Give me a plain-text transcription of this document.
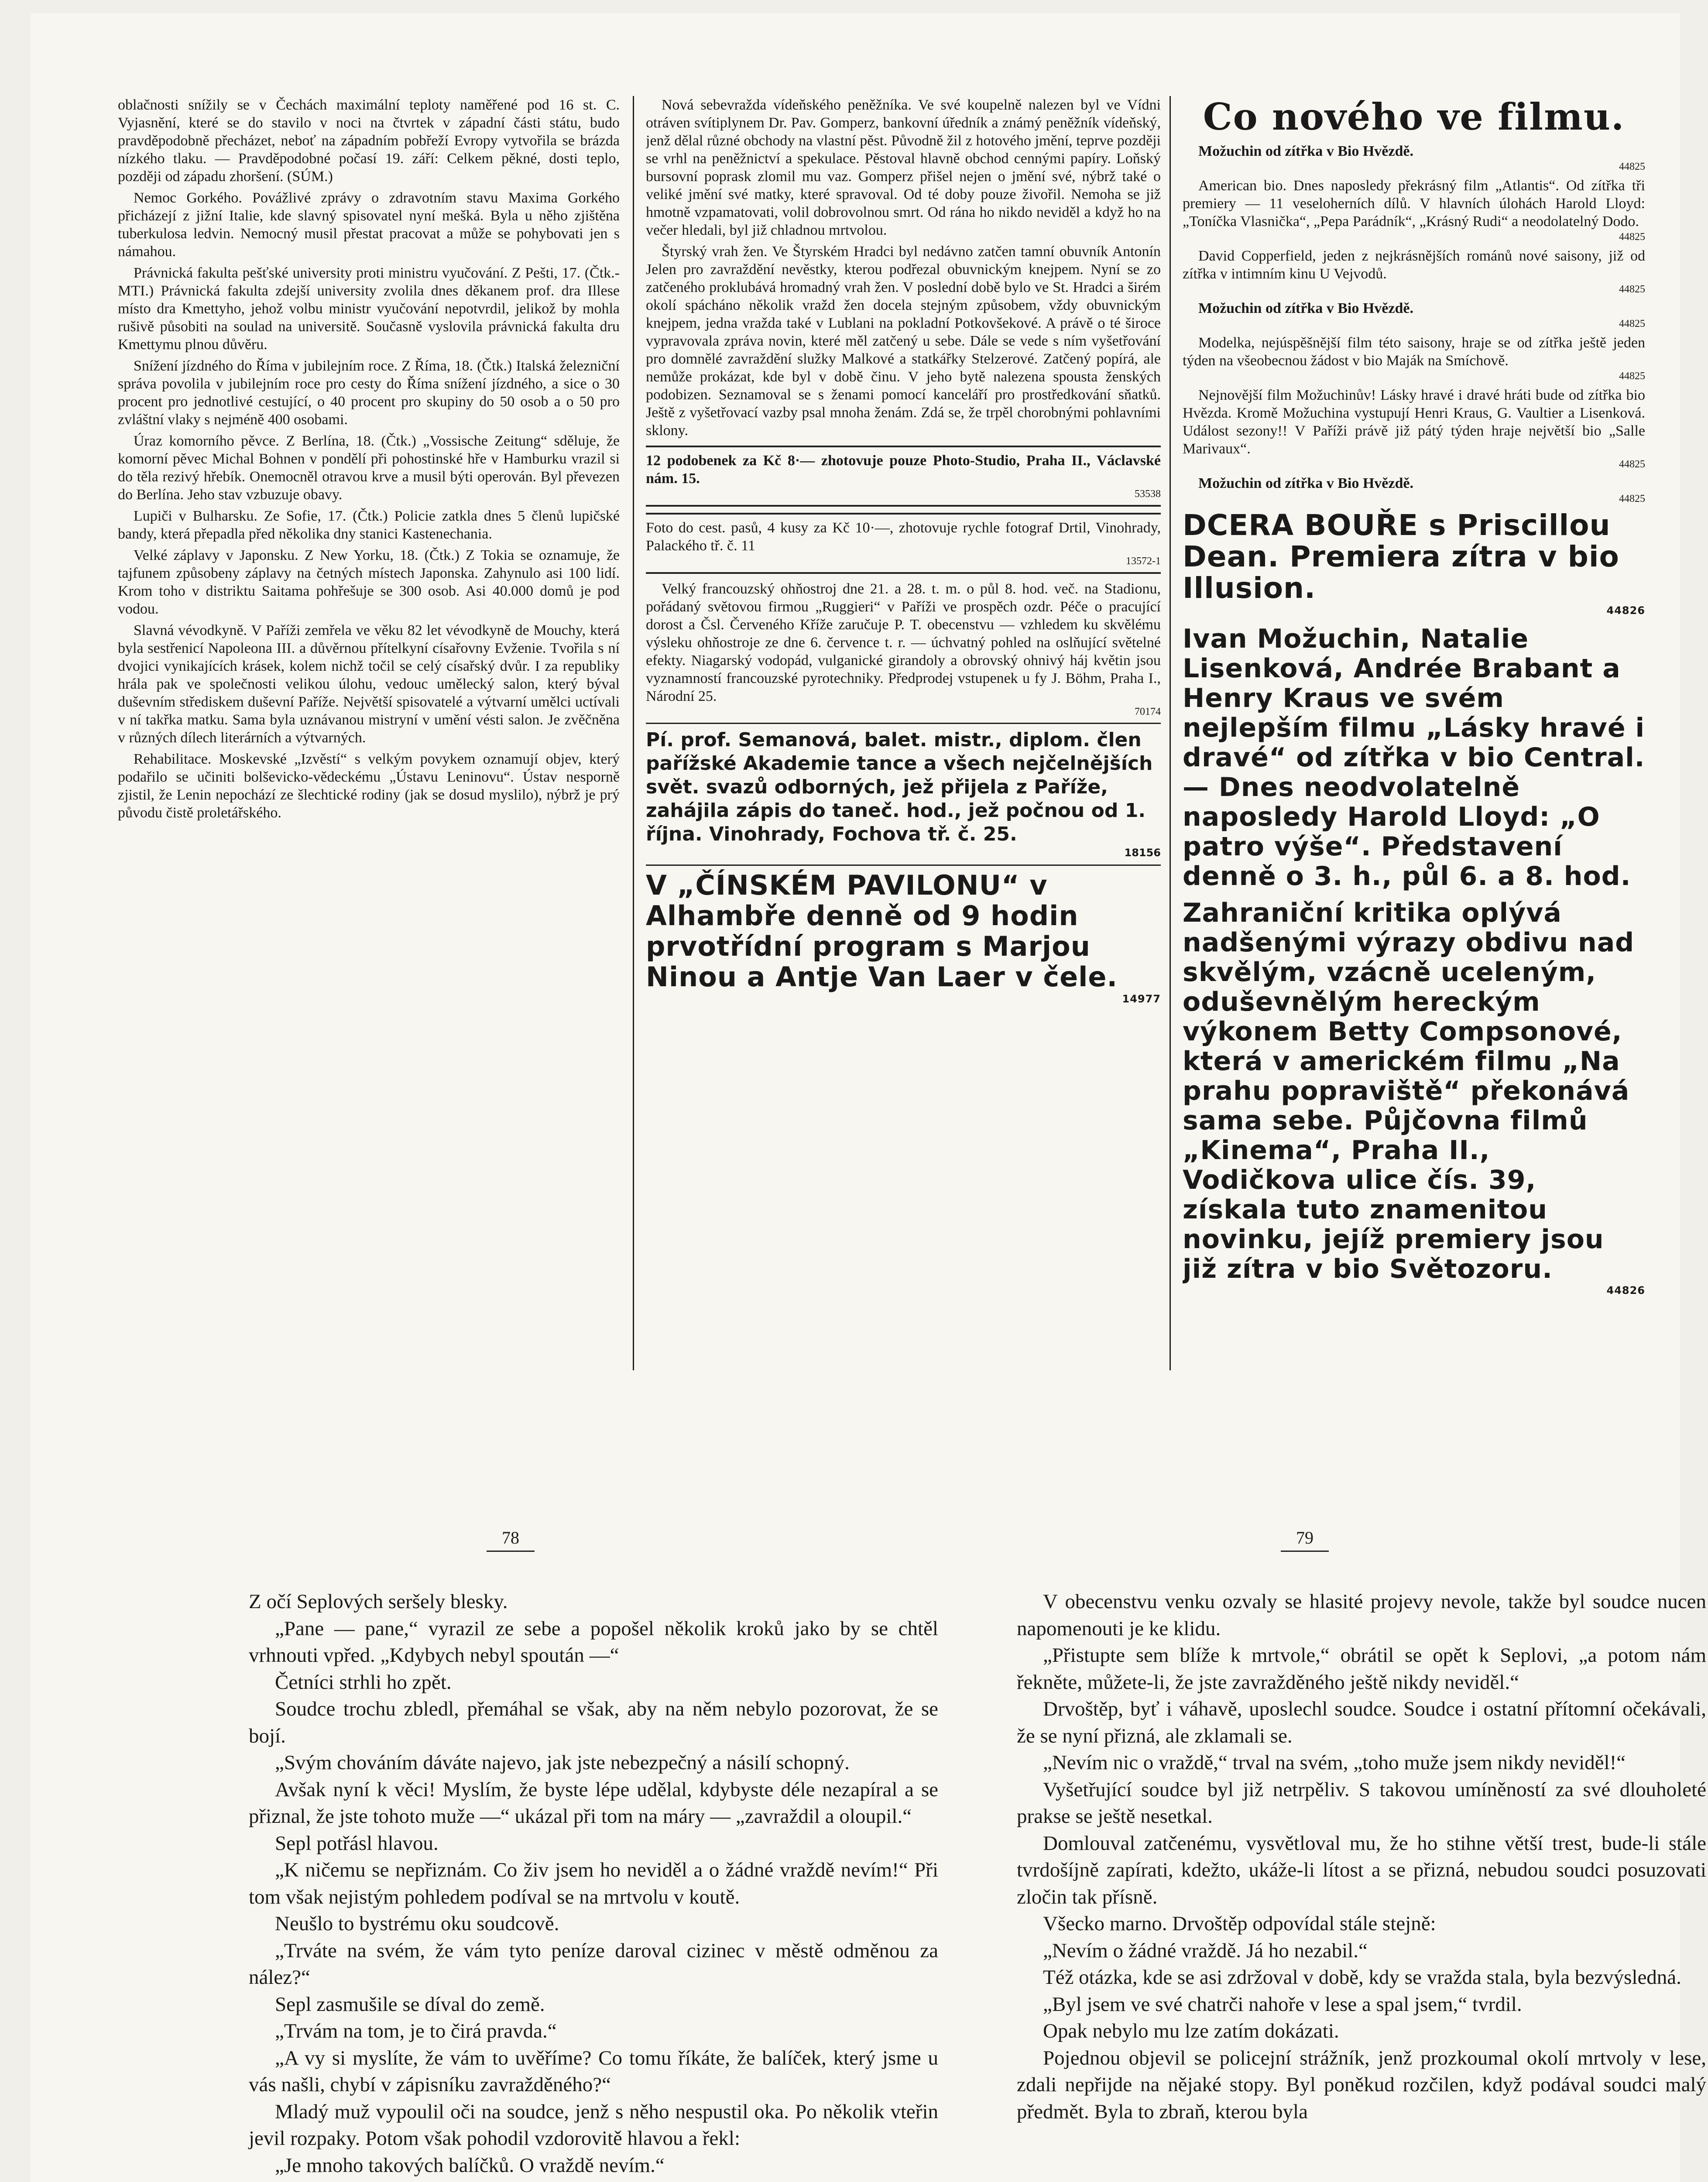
oblačnosti snížily se v Čechách maximální teploty naměřené pod 16 st. C. Vyjasnění, které se do stavilo v noci na čtvrtek v západní části státu, budo pravděpodobně přecházet, neboť na západním pobřeží Evropy vytvořila se brázda nízkého tlaku. — Pravděpodobné počasí 19. září: Celkem pěkné, dosti teplo, později od západu zhoršení. (SÚM.)

Nemoc Gorkého. Povážlivé zprávy o zdravotním stavu Maxima Gorkého přicházejí z jižní Italie, kde slavný spisovatel nyní mešká. Byla u něho zjištěna tuberkulosa ledvin. Nemocný musil přestat pracovat a může se pohybovati jen s námahou.

Právnická fakulta pešťské university proti ministru vyučování. Z Pešti, 17. (Čtk.-MTI.) Právnická fakulta zdejší university zvolila dnes děkanem prof. dra Illese místo dra Kmettyho, jehož volbu ministr vyučování nepotvrdil, jelikož by mohla rušivě působiti na soulad na universitě. Současně vyslovila právnická fakulta dru Kmettymu plnou důvěru.

Snížení jízdného do Říma v jubilejním roce. Z Říma, 18. (Čtk.) Italská železniční správa povolila v jubilejním roce pro cesty do Říma snížení jízdného, a sice o 30 procent pro jednotlivé cestující, o 40 procent pro skupiny do 50 osob a o 50 pro zvláštní vlaky s nejméně 400 osobami.

Úraz komorního pěvce. Z Berlína, 18. (Čtk.) „Vossische Zeitung“ sděluje, že komorní pěvec Michal Bohnen v pondělí při pohostinské hře v Hamburku vrazil si do těla rezivý hřebík. Onemocněl otravou krve a musil býti operován. Byl převezen do Berlína. Jeho stav vzbuzuje obavy.

Lupiči v Bulharsku. Ze Sofie, 17. (Čtk.) Policie zatkla dnes 5 členů lupičské bandy, která přepadla před několika dny stanici Kastenechania.

Velké záplavy v Japonsku. Z New Yorku, 18. (Čtk.) Z Tokia se oznamuje, že tajfunem způsobeny záplavy na četných místech Japonska. Zahynulo asi 100 lidí. Krom toho v distriktu Saitama pohřešuje se 300 osob. Asi 40.000 domů je pod vodou.

Slavná vévodkyně. V Paříži zemřela ve věku 82 let vévodkyně de Mouchy, která byla sestřenicí Napoleona III. a důvěrnou přítelkyní císařovny Evženie. Tvořila s ní dvojici vynikajících krásek, kolem nichž točil se celý císařský dvůr. I za republiky hrála pak ve společnosti velikou úlohu, vedouc umělecký salon, který býval duševním střediskem duševní Paříže. Největší spisovatelé a výtvarní umělci uctívali v ní takřka matku. Sama byla uznávanou mistryní v umění vésti salon. Je zvěčněna v různých dílech literárních a výtvarných.

Rehabilitace. Moskevské „Izvěstí“ s velkým povykem oznamují objev, který podařilo se učiniti bolševicko-vědeckému „Ústavu Leninovu“. Ústav nesporně zjistil, že Lenin nepochází ze šlechtické rodiny (jak se dosud myslilo), nýbrž je prý původu čistě proletářského.

Nová sebevražda vídeňského peněžníka. Ve své koupelně nalezen byl ve Vídni otráven svítiplynem Dr. Pav. Gomperz, bankovní úředník a známý peněžník vídeňský, jenž dělal různé obchody na vlastní pěst. Původně žil z hotového jmění, teprve později se vrhl na peněžnictví a spekulace. Pěstoval hlavně obchod cennými papíry. Loňský bursovní poprask zlomil mu vaz. Gomperz přišel nejen o jmění své, nýbrž také o veliké jmění své matky, které spravoval. Od té doby pouze živořil. Nemoha se již hmotně vzpamatovati, volil dobrovolnou smrt. Od rána ho nikdo neviděl a když ho na večer hledali, byl již chladnou mrtvolou.

Štyrský vrah žen. Ve Štyrském Hradci byl nedávno zatčen tamní obuvník Antonín Jelen pro zavraždění nevěstky, kterou podřezal obuvnickým knejpem. Nyní se zo zatčeného proklubává hromadný vrah žen. V poslední době bylo ve St. Hradci a širém okolí spácháno několik vražd žen docela stejným způsobem, vždy obuvnickým knejpem, jedna vražda také v Lublani na pokladní Potkovšekové. A právě o té široce vypravovala zpráva novin, které měl zatčený u sebe. Dále se vede s ním vyšetřování pro domnělé zavraždění služky Malkové a statkářky Stelzerové. Zatčený popírá, ale nemůže prokázat, kde byl v době činu. V jeho bytě nalezena spousta ženských podobizen. Seznamoval se s ženami pomocí kanceláří pro prostředkování sňatků. Ještě z vyšetřovací vazby psal mnoha ženám. Zdá se, že trpěl chorobnými pohlavními sklony.

12 podobenek za Kč 8·— zhotovuje pouze Photo-Studio, Praha II., Václavské nám. 15.
53538

Foto do cest. pasů, 4 kusy za Kč 10·—, zhotovuje rychle fotograf Drtil, Vinohrady, Palackého tř. č. 11
13572-1

Velký francouzský ohňostroj dne 21. a 28. t. m. o půl 8. hod. več. na Stadionu, pořádaný světovou firmou „Ruggieri“ v Paříži ve prospěch ozdr. Péče o pracující dorost a Čsl. Červeného Kříže zaručuje P. T. obecenstvu — vzhledem ku skvělému výsleku ohňostroje ze dne 6. července t. r. — úchvatný pohled na oslňující světelné efekty. Niagarský vodopád, vulganické girandoly a obrovský ohnivý háj květin jsou vyznamností francouzské pyrotechniky. Předprodej vstupenek u fy J. Böhm, Praha I., Národní 25.
70174

Pí. prof. Semanová, balet. mistr., diplom. člen pařížské Akademie tance a všech nejčelnějších svět. svazů odborných, jež přijela z Paříže, zahájila zápis do taneč. hod., jež počnou od 1. října. Vinohrady, Fochova tř. č. 25.
18156

V „ČÍNSKÉM PAVILONU“ v Alhambře denně od 9 hodin prvotřídní program s Marjou Ninou a Antje Van Laer v čele.
14977

Co nového ve filmu.

Možuchin od zítřka v Bio Hvězdě.
44825

American bio. Dnes naposledy překrásný film „Atlantis“. Od zítřka tři premiery — 11 veseloherních dílů. V hlavních úlohách Harold Lloyd: „Toníčka Vlasnička“, „Pepa Parádník“, „Krásný Rudi“ a neodolatelný Dodo.
44825

David Copperfield, jeden z nejkrásnějších románů nové saisony, již od zítřka v intimním kinu U Vejvodů.
44825

Možuchin od zítřka v Bio Hvězdě.
44825

Modelka, nejúspěšnější film této saisony, hraje se od zítřka ještě jeden týden na všeobecnou žádost v bio Maják na Smíchově.
44825

Nejnovější film Možuchinův! Lásky hravé i dravé hráti bude od zítřka bio Hvězda. Kromě Možuchina vystupují Henri Kraus, G. Vaultier a Lisenková. Událost sezony!! V Paříži právě již pátý týden hraje největší bio „Salle Marivaux“.
44825

Možuchin od zítřka v Bio Hvězdě.
44825

DCERA BOUŘE s Priscillou Dean. Premiera zítra v bio Illusion.
44826

Ivan Možuchin, Natalie Lisenková, Andrée Brabant a Henry Kraus ve svém nejlepším filmu „Lásky hravé i dravé“ od zítřka v bio Central. — Dnes neodvolatelně naposledy Harold Lloyd: „O patro výše“. Představení denně o 3. h., půl 6. a 8. hod.

Zahraniční kritika oplývá nadšenými výrazy obdivu nad skvělým, vzácně uceleným, oduševnělým hereckým výkonem Betty Compsonové, která v americkém filmu „Na prahu popraviště“ překonává sama sebe. Půjčovna filmů „Kinema“, Praha II., Vodičkova ulice čís. 39, získala tuto znamenitou novinku, jejíž premiery jsou již zítra v bio Světozoru.
44826

78	79

Z očí Seplových seršely blesky.

„Pane — pane,“ vyrazil ze sebe a popošel několik kroků jako by se chtěl vrhnouti vpřed. „Kdybych nebyl spoután —“

Četníci strhli ho zpět.

Soudce trochu zbledl, přemáhal se však, aby na něm nebylo pozorovat, že se bojí.

„Svým chováním dáváte najevo, jak jste nebezpečný a násilí schopný.

Avšak nyní k věci! Myslím, že byste lépe udělal, kdybyste déle nezapíral a se přiznal, že jste tohoto muže —“ ukázal při tom na máry — „zavraždil a oloupil.“

Sepl potřásl hlavou.

„K ničemu se nepřiznám. Co živ jsem ho neviděl a o žádné vraždě nevím!“ Při tom však nejistým pohledem podíval se na mrtvolu v koutě.

Neušlo to bystrému oku soudcově.

„Trváte na svém, že vám tyto peníze daroval cizinec v městě odměnou za nález?“

Sepl zasmušile se díval do země.

„Trvám na tom, je to čirá pravda.“

„A vy si myslíte, že vám to uvěříme? Co tomu říkáte, že balíček, který jsme u vás našli, chybí v zápisníku zavražděného?“

Mladý muž vypoulil oči na soudce, jenž s něho nespustil oka. Po několik vteřin jevil rozpaky. Potom však pohodil vzdorovitě hlavou a řekl:

„Je mnoho takových balíčků. O vraždě nevím.“

V obecenstvu venku ozvaly se hlasité projevy nevole, takže byl soudce nucen napomenouti je ke klidu.

„Přistupte sem blíže k mrtvole,“ obrátil se opět k Seplovi, „a potom nám řekněte, můžete-li, že jste zavražděného ještě nikdy neviděl.“

Drvoštěp, byť i váhavě, uposlechl soudce. Soudce i ostatní přítomní očekávali, že se nyní přizná, ale zklamali se.

„Nevím nic o vraždě,“ trval na svém, „toho muže jsem nikdy neviděl!“

Vyšetřující soudce byl již netrpěliv. S takovou umíněností za své dlouholeté prakse se ještě nesetkal.

Domlouval zatčenému, vysvětloval mu, že ho stihne větší trest, bude-li stále tvrdošíjně zapírati, kdežto, ukáže-li lítost a se přizná, nebudou soudci posuzovati zločin tak přísně.

Všecko marno. Drvoštěp odpovídal stále stejně:

„Nevím o žádné vraždě. Já ho nezabil.“

Též otázka, kde se asi zdržoval v době, kdy se vražda stala, byla bezvýsledná.

„Byl jsem ve své chatrči nahoře v lese a spal jsem,“ tvrdil.

Opak nebylo mu lze zatím dokázati.

Pojednou objevil se policejní strážník, jenž prozkoumal okolí mrtvoly v lese, zdali nepřijde na nějaké stopy. Byl poněkud rozčilen, když podával soudci malý předmět. Byla to zbraň, kterou byla
